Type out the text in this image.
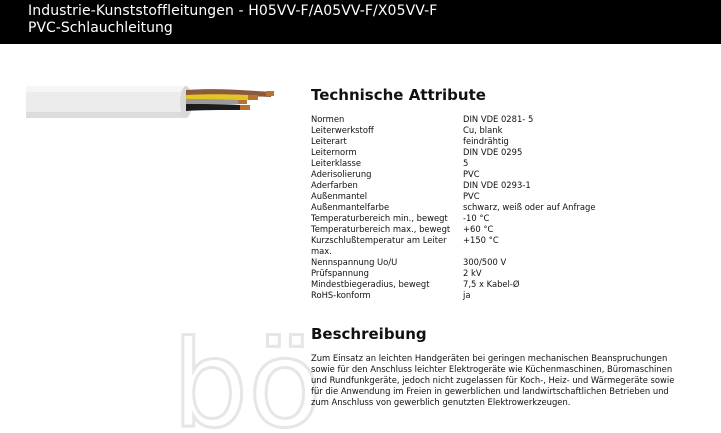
Industrie-Kunststoffleitungen - H05VV-F/A05VV-F/X05VV-F
PVC-Schlauchleitung
bö
Technische Attribute
Normen	DIN VDE 0281- 5
Leiterwerkstoff	Cu, blank
Leiterart	feindrähtig
Leiternorm	DIN VDE 0295
Leiterklasse	5
Aderisolierung	PVC
Aderfarben	DIN VDE 0293-1
Außenmantel	PVC
Außenmantelfarbe	schwarz, weiß oder auf Anfrage
Temperaturbereich min., bewegt	-10 °C
Temperaturbereich max., bewegt	+60 °C
Kurzschlußtemperatur am Leiter max.	+150 °C
Nennspannung Uo/U	300/500 V
Prüfspannung	2 kV
Mindestbiegeradius, bewegt	7,5 x Kabel-Ø
RoHS-konform	ja
Beschreibung
Zum Einsatz an leichten Handgeräten bei geringen mechanischen Beanspruchungen sowie für den Anschluss leichter Elektrogeräte wie Küchenmaschinen, Büromaschinen und Rundfunkgeräte, jedoch nicht zugelassen für Koch-, Heiz- und Wärmegeräte sowie für die Anwendung im Freien in gewerblichen und landwirtschaftlichen Betrieben und zum Anschluss von gewerblich genutzten Elektrowerkzeugen.
